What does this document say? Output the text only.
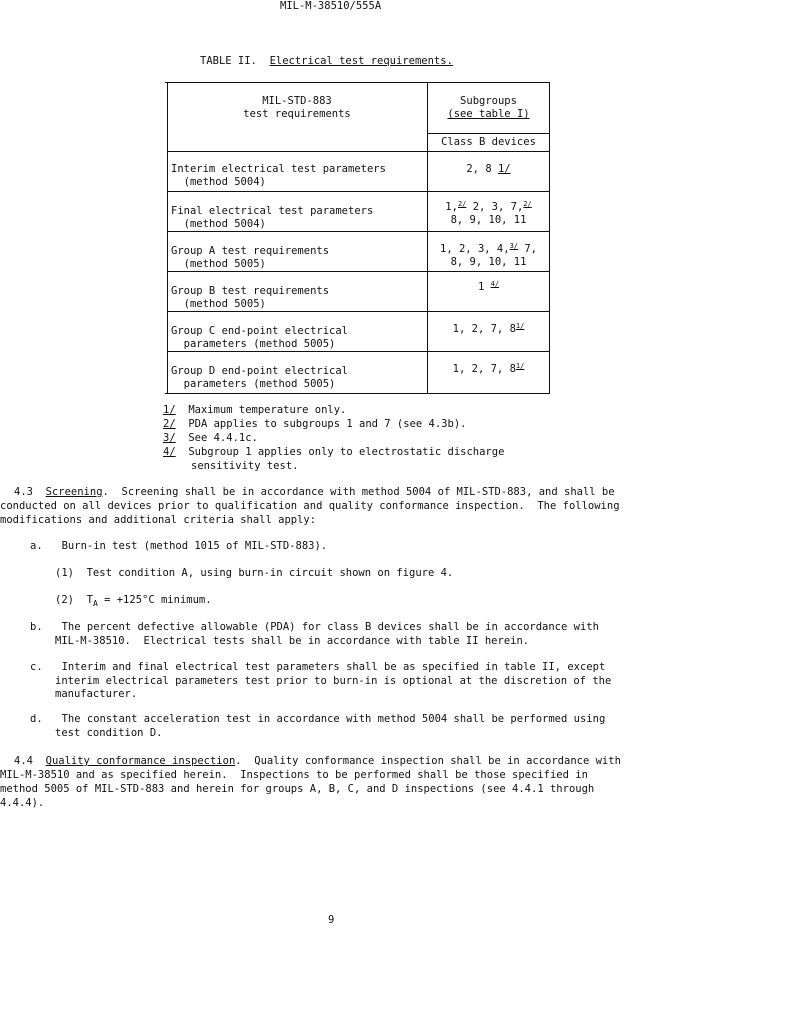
MIL-M-38510/555A
TABLE II. Electrical test requirements.
MIL-STD-883
test requirements
Subgroups
(see table I)
Class B devices
Interim electrical test parameters
(method 5004)
2, 8 1/
Final electrical test parameters
(method 5004)
1,$^{2/}$ 2, 3, 7,$^{2/}$
8, 9, 10, 11
Group A test requirements
(method 5005)
1, 2, 3, 4,$^{3/}$ 7,
8, 9, 10, 11
Group B test requirements
(method 5005)
1 $^{4/}$
Group C end-point electrical
parameters (method 5005)
1, 2, 7, $8^{1/}$
Group D end-point electrical
parameters (method 5005)
1, 2, 7, $8^{1/}$
1/ Maximum temperature only.
2/ PDA applies to subgroups 1 and 7 (see 4.3b).
3/ See 4.4.1c.
4/ Subgroup 1 applies only to electrostatic discharge
sensitivity test.
4.3 Screening.  Screening shall be in accordance with method 5004 of MIL-STD-883, and shall be
conducted on all devices prior to qualification and quality conformance inspection.  The following
modifications and additional criteria shall apply:
a.   Burn-in test (method 1015 of MIL-STD-883).
(1)  Test condition A, using burn-in circuit shown on figure 4.
(2)  $T_A = +125^\circ C$ minimum.
b.   The percent defective allowable (PDA) for class B devices shall be in accordance with
MIL-M-38510.  Electrical tests shall be in accordance with table II herein.
c.   Interim and final electrical test parameters shall be as specified in table II, except
interim electrical parameters test prior to burn-in is optional at the discretion of the
manufacturer.
d.   The constant acceleration test in accordance with method 5004 shall be performed using
test condition D.
4.4 Quality conformance inspection.  Quality conformance inspection shall be in accordance with
MIL-M-38510 and as specified herein.  Inspections to be performed shall be those specified in
method 5005 of MIL-STD-883 and herein for groups A, B, C, and D inspections (see 4.4.1 through
4.4.4).
9
